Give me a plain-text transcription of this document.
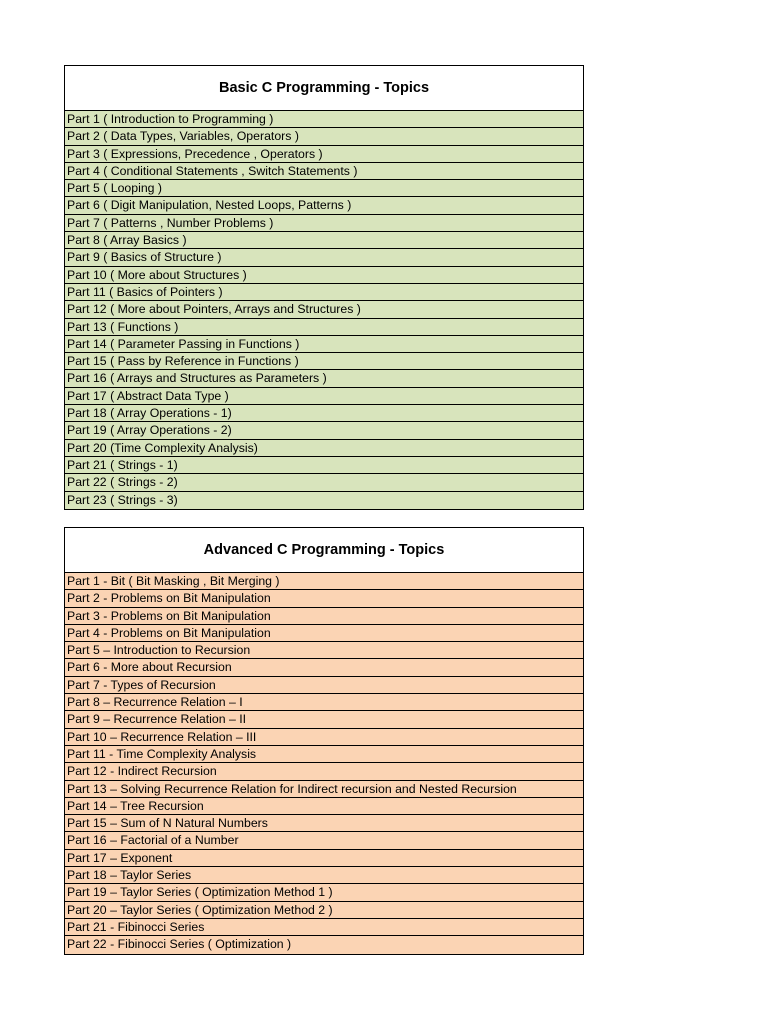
Basic C Programming - Topics
Part 1 ( Introduction to Programming )
Part 2 ( Data Types, Variables, Operators )
Part 3 ( Expressions, Precedence , Operators )
Part 4 ( Conditional Statements , Switch Statements )
Part 5 ( Looping )
Part 6 ( Digit Manipulation, Nested Loops, Patterns )
Part 7 ( Patterns , Number Problems )
Part 8 ( Array Basics )
Part 9 ( Basics of Structure )
Part 10 ( More about Structures )
Part 11 ( Basics of Pointers )
Part 12 ( More about Pointers, Arrays and Structures )
Part 13 ( Functions )
Part 14 ( Parameter Passing in Functions )
Part 15 ( Pass by Reference in Functions )
Part 16 ( Arrays and Structures as Parameters )
Part 17 ( Abstract Data Type )
Part 18 ( Array Operations - 1)
Part 19 ( Array Operations - 2)
Part 20 (Time Complexity Analysis)
Part 21 ( Strings - 1)
Part 22 ( Strings - 2)
Part 23 ( Strings - 3)
Advanced C Programming - Topics
Part 1 - Bit ( Bit Masking , Bit Merging )
Part 2 - Problems on Bit Manipulation
Part 3 - Problems on Bit Manipulation
Part 4 - Problems on Bit Manipulation
Part 5 – Introduction to Recursion
Part 6 - More about Recursion
Part 7 - Types of Recursion
Part 8 – Recurrence Relation – I
Part 9 – Recurrence Relation – II
Part 10 – Recurrence Relation – III
Part 11 - Time Complexity Analysis
Part 12 - Indirect Recursion
Part 13 – Solving Recurrence Relation for Indirect recursion and Nested Recursion
Part 14 – Tree Recursion
Part 15 – Sum of N Natural Numbers
Part 16 – Factorial of a Number
Part 17 – Exponent
Part 18 – Taylor Series
Part 19 – Taylor Series ( Optimization Method 1 )
Part 20 – Taylor Series ( Optimization Method 2 )
Part 21 - Fibinocci Series
Part 22 - Fibinocci Series ( Optimization )
